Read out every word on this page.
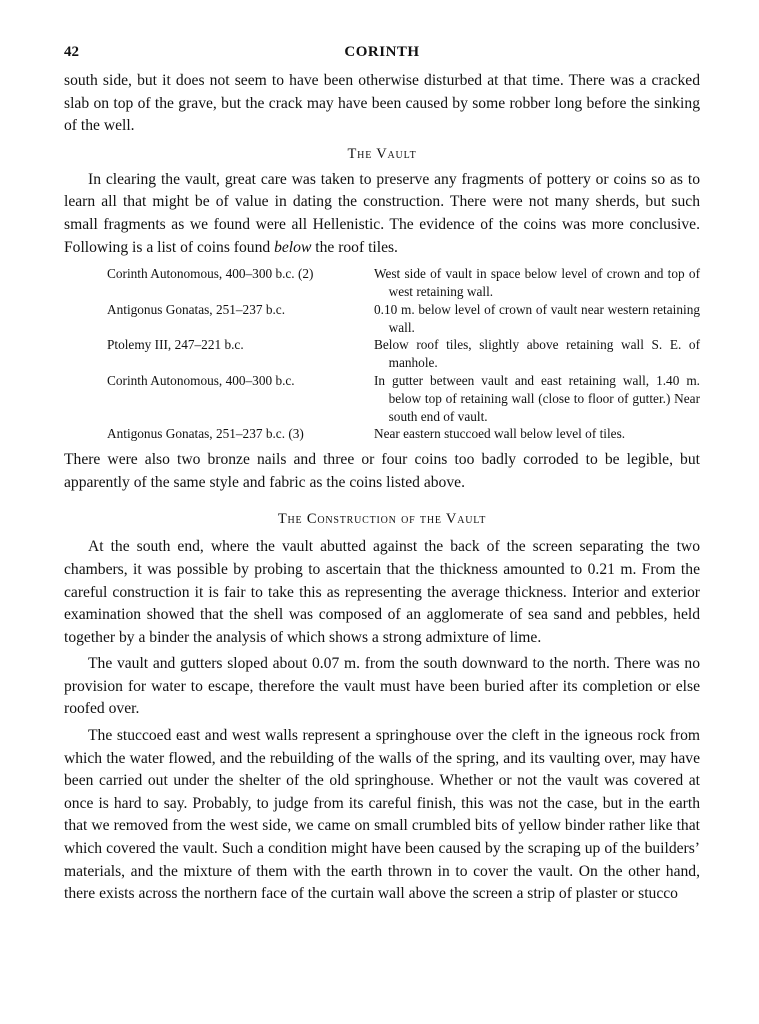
42	CORINTH

south side, but it does not seem to have been otherwise disturbed at that time. There was a cracked slab on top of the grave, but the crack may have been caused by some robber long before the sinking of the well.

The Vault

In clearing the vault, great care was taken to preserve any fragments of pottery or coins so as to learn all that might be of value in dating the construction. There were not many sherds, but such small fragments as we found were all Hellenistic. The evidence of the coins was more conclusive. Following is a list of coins found below the roof tiles.

Corinth Autonomous, 400–300 b.c. (2)	West side of vault in space below level of crown and top of west retaining wall.
Antigonus Gonatas, 251–237 b.c.	0.10 m. below level of crown of vault near western retaining wall.
Ptolemy III, 247–221 b.c.	Below roof tiles, slightly above retaining wall S. E. of manhole.
Corinth Autonomous, 400–300 b.c.	In gutter between vault and east retaining wall, 1.40 m. below top of retaining wall (close to floor of gutter.) Near south end of vault.
Antigonus Gonatas, 251–237 b.c. (3)	Near eastern stuccoed wall below level of tiles.

There were also two bronze nails and three or four coins too badly corroded to be legible, but apparently of the same style and fabric as the coins listed above.

The Construction of the Vault

At the south end, where the vault abutted against the back of the screen separating the two chambers, it was possible by probing to ascertain that the thickness amounted to 0.21 m. From the careful construction it is fair to take this as representing the average thickness. Interior and exterior examination showed that the shell was composed of an agglomerate of sea sand and pebbles, held together by a binder the analysis of which shows a strong admixture of lime.

The vault and gutters sloped about 0.07 m. from the south downward to the north. There was no provision for water to escape, therefore the vault must have been buried after its completion or else roofed over.

The stuccoed east and west walls represent a springhouse over the cleft in the igneous rock from which the water flowed, and the rebuilding of the walls of the spring, and its vaulting over, may have been carried out under the shelter of the old springhouse. Whether or not the vault was covered at once is hard to say. Probably, to judge from its careful finish, this was not the case, but in the earth that we removed from the west side, we came on small crumbled bits of yellow binder rather like that which covered the vault. Such a condition might have been caused by the scraping up of the builders’ materials, and the mixture of them with the earth thrown in to cover the vault. On the other hand, there exists across the northern face of the curtain wall above the screen a strip of plaster or stucco
